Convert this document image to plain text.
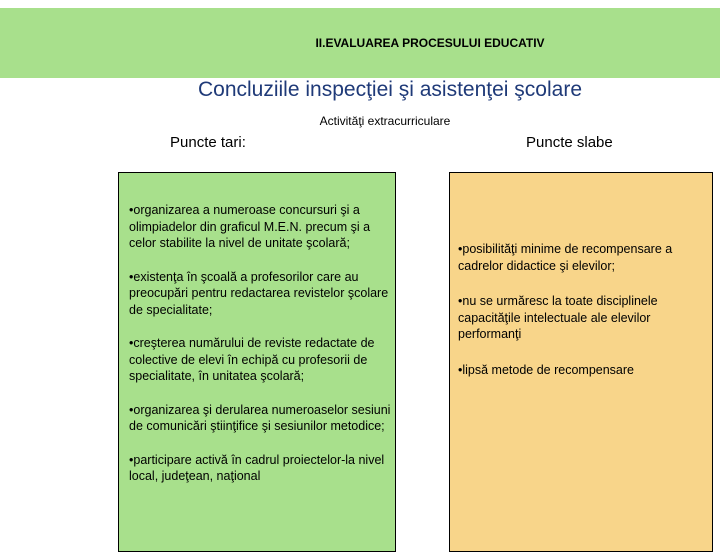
II.EVALUAREA PROCESULUI EDUCATIV
Concluziile inspecţiei şi asistenţei şcolare
Activităţi extracurriculare
Puncte tari:	Puncte slabe
•organizarea a numeroase concursuri şi a olimpiadelor din graficul M.E.N. precum şi a celor stabilite la nivel de unitate şcolară;
•existenţa în şcoală a profesorilor care au preocupări pentru redactarea revistelor şcolare de specialitate;
•creşterea numărului de reviste redactate de colective de elevi în echipă cu profesorii de specialitate, în unitatea şcolară;
•organizarea şi derularea numeroaselor sesiuni de comunicări ştiinţifice şi sesiunilor metodice;
•participare activă în cadrul proiectelor-la nivel local, judeţean, naţional
•posibilităţi minime de recompensare a cadrelor didactice şi elevilor;
•nu se urmăresc la toate disciplinele capacităţile intelectuale ale elevilor performanţi
•lipsă metode de recompensare
